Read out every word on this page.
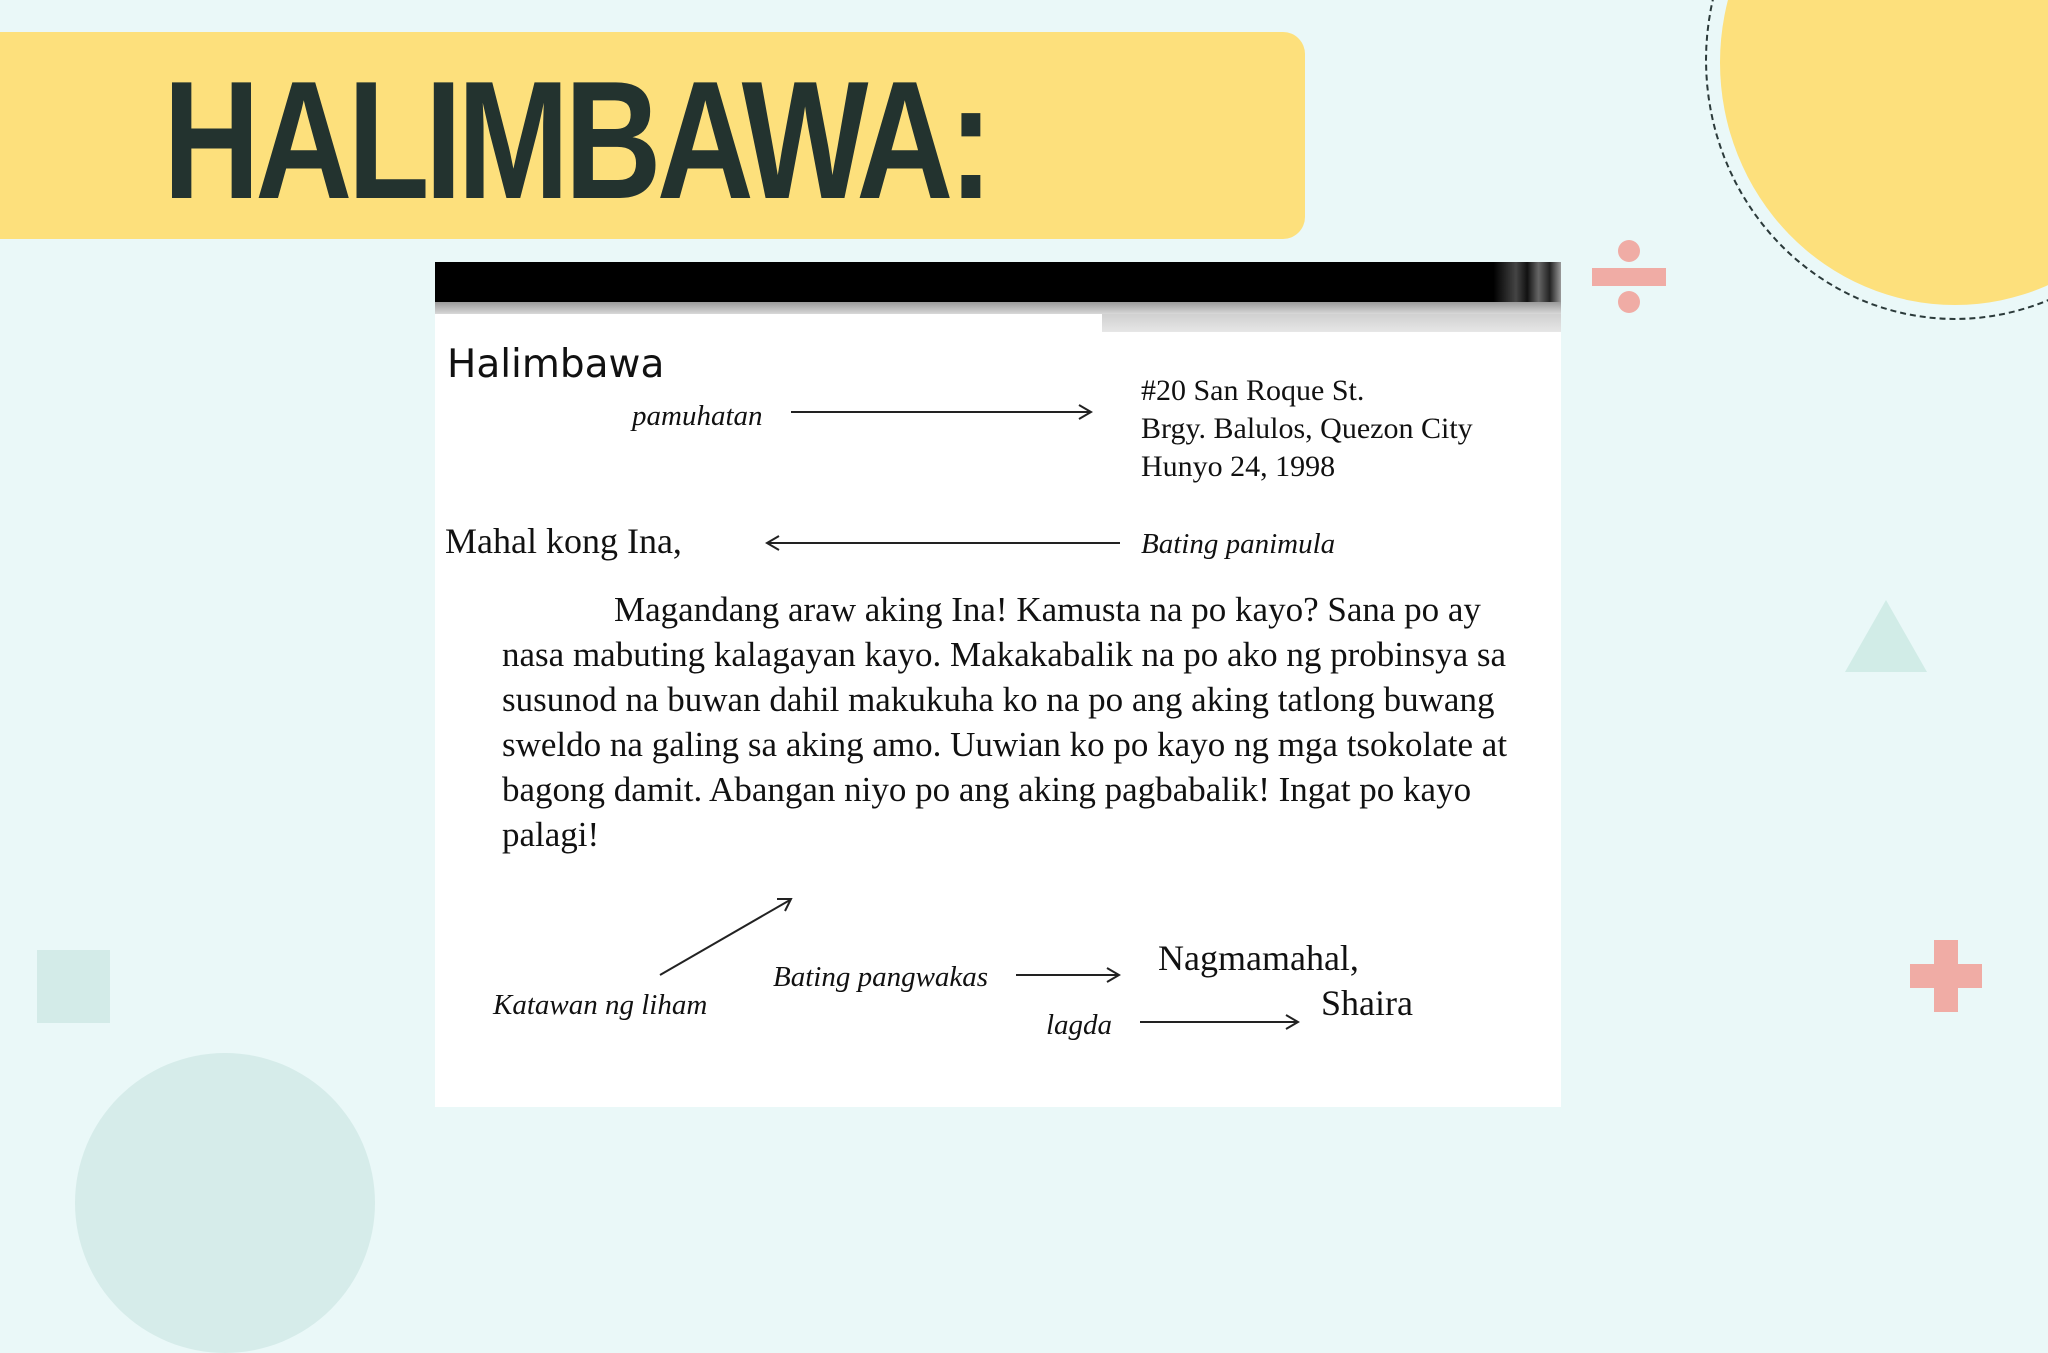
HALIMBAWA:

Halimbawa

pamuhatan

#20 San Roque St.

Brgy. Balulos, Quezon City

Hunyo 24, 1998

Mahal kong Ina,	Bating panimula

Magandang araw aking Ina! Kamusta na po kayo? Sana po ay nasa mabuting kalagayan kayo. Makakabalik na po ako ng probinsya sa susunod na buwan dahil makukuha ko na po ang aking tatlong buwang sweldo na galing sa aking amo. Uuwian ko po kayo ng mga tsokolate at bagong damit. Abangan niyo po ang aking pagbabalik! Ingat po kayo palagi!

Katawan ng liham

Bating pangwakas	Nagmamahal,

Shaira

lagda
